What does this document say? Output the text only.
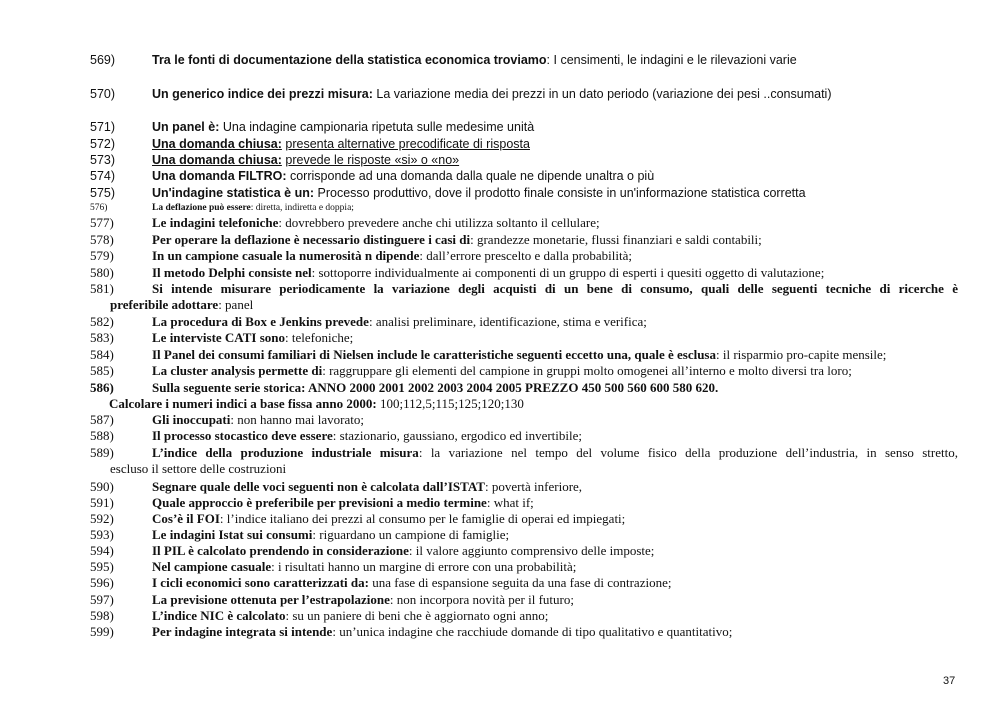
569)	Tra le fonti di documentazione della statistica economica troviamo: I censimenti, le indagini e le rilevazioni varie
570)	Un generico indice dei prezzi misura: La variazione media dei prezzi in un dato periodo (variazione dei pesi ..consumati)
571)	Un panel è: Una indagine campionaria ripetuta sulle medesime unità
572)	Una domanda chiusa: presenta alternative precodificate di risposta
573)	Una domanda chiusa: prevede le risposte «si» o «no»
574)	Una domanda FILTRO: corrisponde ad una domanda dalla quale ne dipende unaltra o più
575)	Un'indagine statistica è un: Processo produttivo, dove il prodotto finale consiste in un'informazione statistica corretta
576)	La deflazione può essere: diretta, indiretta e doppia;
577)	Le indagini telefoniche: dovrebbero prevedere anche chi utilizza soltanto il cellulare;
578)	Per operare la deflazione è necessario distinguere i casi di: grandezze monetarie, flussi finanziari e saldi contabili;
579)	In un campione casuale la numerosità n dipende: dall’errore prescelto e dalla probabilità;
580)	Il metodo Delphi consiste nel: sottoporre individualmente ai componenti di un gruppo di esperti i quesiti oggetto di valutazione;
581)	Si intende misurare periodicamente la variazione degli acquisti di un bene di consumo, quali delle seguenti tecniche di ricerche è
preferibile adottare: panel
582)	La procedura di Box e Jenkins prevede: analisi preliminare, identificazione, stima e verifica;
583)	Le interviste CATI sono: telefoniche;
584)	Il Panel dei consumi familiari di Nielsen include le caratteristiche seguenti eccetto una, quale è esclusa: il risparmio pro-capite mensile;
585)	La cluster analysis permette di: raggruppare gli elementi del campione in gruppi molto omogenei all’interno e molto diversi tra loro;
586)	Sulla seguente serie storica: ANNO 2000 2001 2002 2003 2004 2005 PREZZO 450 500 560 600 580 620.
Calcolare i numeri indici a base fissa anno 2000: 100;112,5;115;125;120;130
587)	Gli inoccupati: non hanno mai lavorato;
588)	Il processo stocastico deve essere: stazionario, gaussiano, ergodico ed invertibile;
589)	L’indice della produzione industriale misura: la variazione nel tempo del volume fisico della produzione dell’industria, in senso stretto,
escluso il settore delle costruzioni
590)	Segnare quale delle voci seguenti non è calcolata dall’ISTAT: povertà inferiore,
591)	Quale approccio è preferibile per previsioni a medio termine: what if;
592)	Cos’è il FOI: l’indice italiano dei prezzi al consumo per le famiglie di operai ed impiegati;
593)	Le indagini Istat sui consumi: riguardano un campione di famiglie;
594)	Il PIL è calcolato prendendo in considerazione: il valore aggiunto comprensivo delle imposte;
595)	Nel campione casuale: i risultati hanno un margine di errore con una probabilità;
596)	I cicli economici sono caratterizzati da: una fase di espansione seguita da una fase di contrazione;
597)	La previsione ottenuta per l’estrapolazione: non incorpora novità per il futuro;
598)	L’indice NIC è calcolato: su un paniere di beni che è aggiornato ogni anno;
599)	Per indagine integrata si intende: un’unica indagine che racchiude domande di tipo qualitativo e quantitativo;
37
